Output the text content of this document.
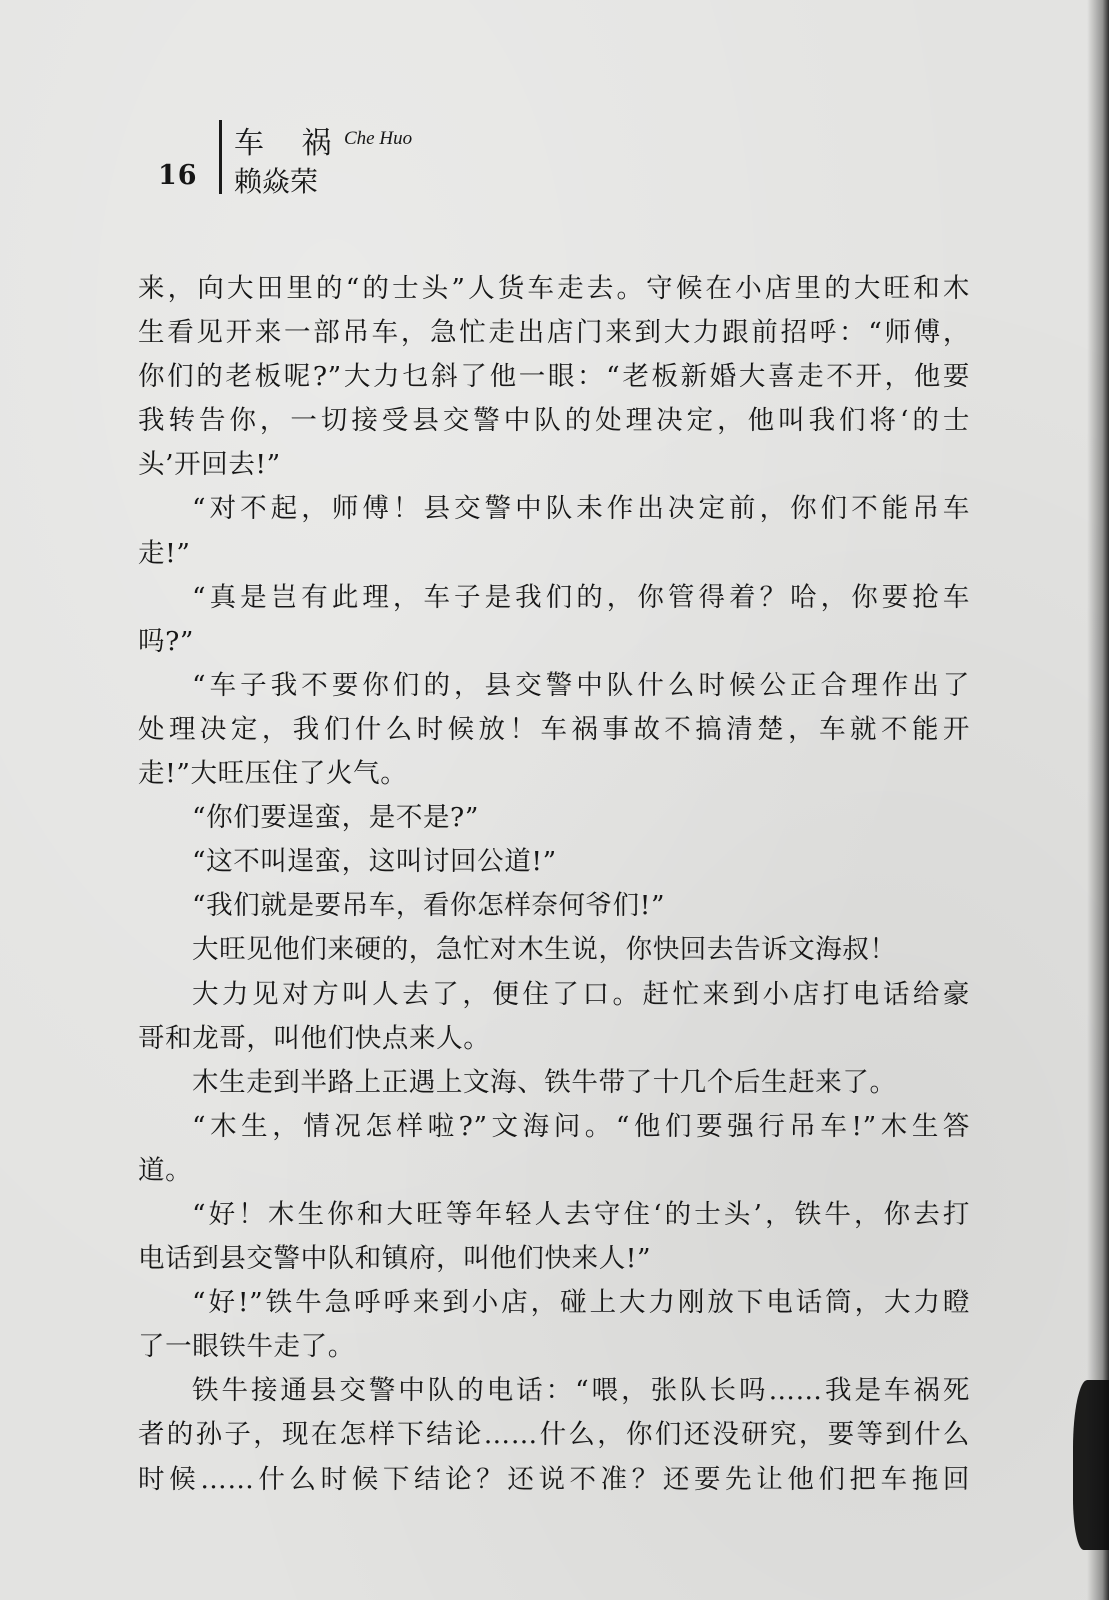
16
车 祸
Che Huo
赖焱荣
来，向大田里的“的士头”人货车走去。守候在小店里的大旺和木
生看见开来一部吊车，急忙走出店门来到大力跟前招呼：“师傅，
你们的老板呢?”大力乜斜了他一眼：“老板新婚大喜走不开，他要
我转告你，一切接受县交警中队的处理决定，他叫我们将‘的士
头’开回去!”
“对不起，师傅！县交警中队未作出决定前，你们不能吊车
走!”
“真是岂有此理，车子是我们的，你管得着？哈，你要抢车
吗?”
“车子我不要你们的，县交警中队什么时候公正合理作出了
处理决定，我们什么时候放！车祸事故不搞清楚，车就不能开
走!”大旺压住了火气。
“你们要逞蛮，是不是?”
“这不叫逞蛮，这叫讨回公道!”
“我们就是要吊车，看你怎样奈何爷们!”
大旺见他们来硬的，急忙对木生说，你快回去告诉文海叔！
大力见对方叫人去了，便住了口。赶忙来到小店打电话给豪
哥和龙哥，叫他们快点来人。
木生走到半路上正遇上文海、铁牛带了十几个后生赶来了。
“木生，情况怎样啦?”文海问。“他们要强行吊车!”木生答
道。
“好！木生你和大旺等年轻人去守住‘的士头’，铁牛，你去打
电话到县交警中队和镇府，叫他们快来人!”
“好!”铁牛急呼呼来到小店，碰上大力刚放下电话筒，大力瞪
了一眼铁牛走了。
铁牛接通县交警中队的电话：“喂，张队长吗……我是车祸死
者的孙子，现在怎样下结论……什么，你们还没研究，要等到什么
时候……什么时候下结论？还说不准？还要先让他们把车拖回
